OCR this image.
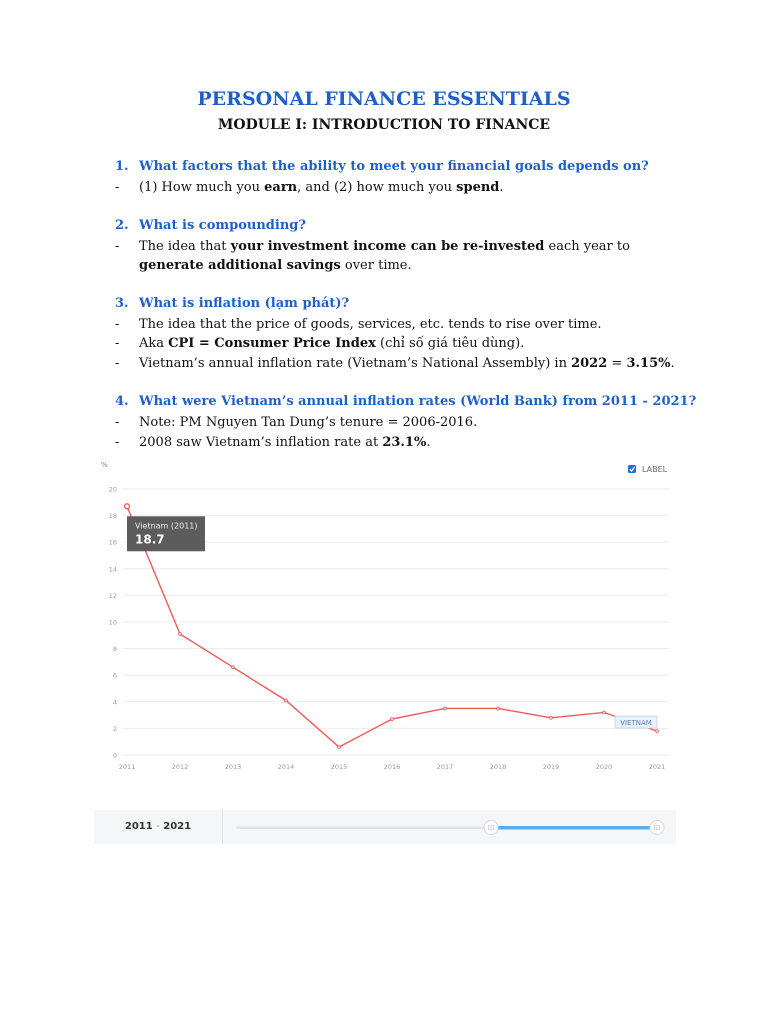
PERSONAL FINANCE ESSENTIALS
MODULE I: INTRODUCTION TO FINANCE
1. What factors that the ability to meet your financial goals depends on?
- (1) How much you earn, and (2) how much you spend.
2. What is compounding?
- The idea that your investment income can be re-invested each year to generate additional savings over time.
3. What is inflation (lạm phát)?
- The idea that the price of goods, services, etc. tends to rise over time.
- Aka CPI = Consumer Price Index (chỉ số giá tiêu dùng).
- Vietnam’s annual inflation rate (Vietnam’s National Assembly) in 2022 = 3.15%.
4. What were Vietnam’s annual inflation rates (World Bank) from 2011 - 2021?
- Note: PM Nguyen Tan Dung’s tenure = 2006-2016.
- 2008 saw Vietnam’s inflation rate at 23.1%.
%	LABEL
0
2
4
6
8
10
12
14
16
18
20
2011	2012	2013	2014	2015	2016	2017	2018	2019	2020	2021
VIETNAM
Vietnam (2011)
18.7
2011 - 2021	III	III
